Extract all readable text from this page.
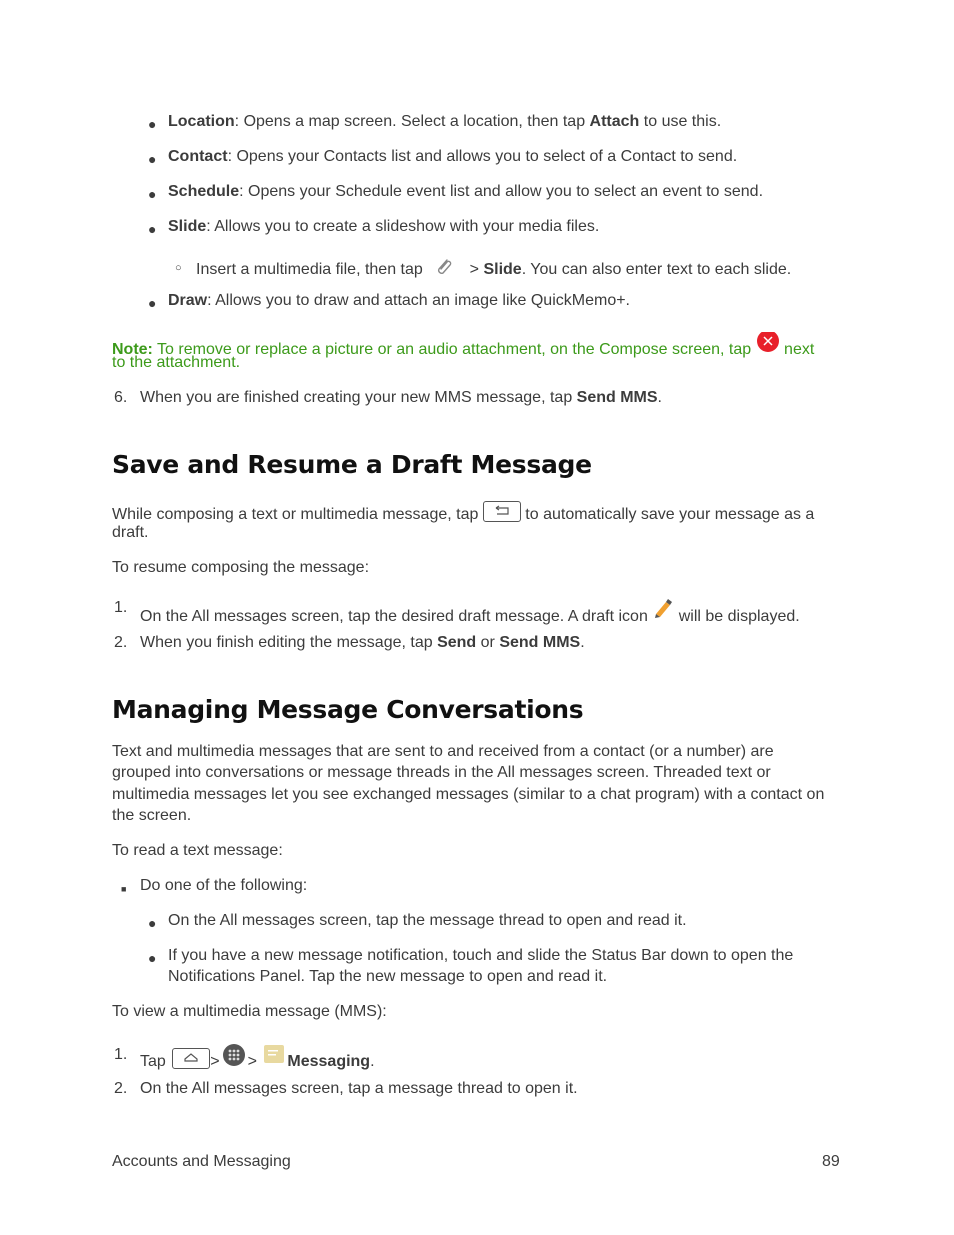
● Location: Opens a map screen. Select a location, then tap Attach to use this.
● Contact: Opens your Contacts list and allows you to select of a Contact to send.
● Schedule: Opens your Schedule event list and allow you to select an event to send.
● Slide: Allows you to create a slideshow with your media files.
○ Insert a multimedia file, then tap	> Slide. You can also enter text to each slide.
● Draw: Allows you to draw and attach an image like QuickMemo+.
Note: To remove or replace a picture or an audio attachment, on the Compose screen, tap  next
to the attachment.
6. When you are finished creating your new MMS message, tap Send MMS.
Save and Resume a Draft Message
While composing a text or multimedia message, tap	to automatically save your message as a
draft.
To resume composing the message:
1.
On the All messages screen, tap the desired draft message. A draft icon  will be displayed.
2. When you finish editing the message, tap Send or Send MMS.
Managing Message Conversations
Text and multimedia messages that are sent to and received from a contact (or a number) are
grouped into conversations or message threads in the All messages screen. Threaded text or
multimedia messages let you see exchanged messages (similar to a chat program) with a contact on
the screen.
To read a text message:
■ Do one of the following:
● On the All messages screen, tap the message thread to open and read it.
● If you have a new message notification, touch and slide the Status Bar down to open the
Notifications Panel. Tap the new message to open and read it.
To view a multimedia message (MMS):
1. Tap	> > Messaging.
2. On the All messages screen, tap a message thread to open it.
Accounts and Messaging	89
